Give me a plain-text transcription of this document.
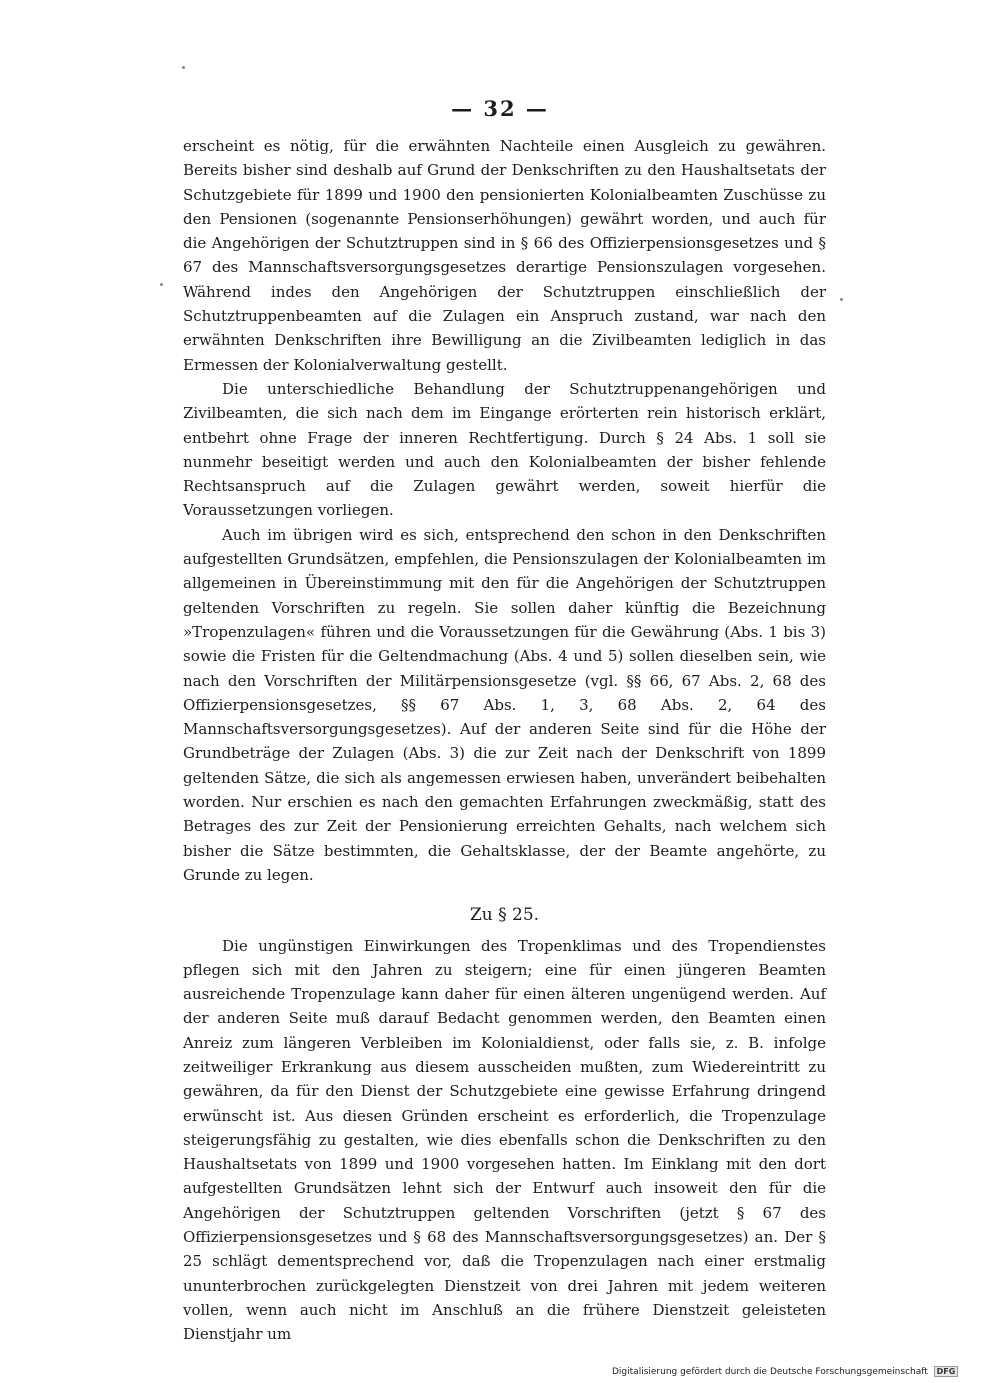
— 32 —

erscheint es nötig, für die erwähnten Nachteile einen Ausgleich zu gewähren. Bereits bisher sind deshalb auf Grund der Denkschriften zu den Haushaltsetats der Schutzgebiete für 1899 und 1900 den pensionierten Kolonialbeamten Zuschüsse zu den Pensionen (sogenannte Pensionserhöhungen) gewährt worden, und auch für die Angehörigen der Schutztruppen sind in § 66 des Offizierpensionsgesetzes und § 67 des Mannschaftsversorgungsgesetzes derartige Pensionszulagen vorgesehen. Während indes den Angehörigen der Schutztruppen einschließlich der Schutztruppenbeamten auf die Zulagen ein Anspruch zustand, war nach den erwähnten Denkschriften ihre Bewilligung an die Zivilbeamten lediglich in das Ermessen der Kolonialverwaltung gestellt.

Die unterschiedliche Behandlung der Schutztruppenangehörigen und Zivilbeamten, die sich nach dem im Eingange erörterten rein historisch erklärt, entbehrt ohne Frage der inneren Rechtfertigung. Durch § 24 Abs. 1 soll sie nunmehr beseitigt werden und auch den Kolonialbeamten der bisher fehlende Rechtsanspruch auf die Zulagen gewährt werden, soweit hierfür die Voraussetzungen vorliegen.

Auch im übrigen wird es sich, entsprechend den schon in den Denkschriften aufgestellten Grundsätzen, empfehlen, die Pensionszulagen der Kolonialbeamten im allgemeinen in Übereinstimmung mit den für die Angehörigen der Schutztruppen geltenden Vorschriften zu regeln. Sie sollen daher künftig die Bezeichnung »Tropenzulagen« führen und die Voraussetzungen für die Gewährung (Abs. 1 bis 3) sowie die Fristen für die Geltendmachung (Abs. 4 und 5) sollen dieselben sein, wie nach den Vorschriften der Militärpensionsgesetze (vgl. §§ 66, 67 Abs. 2, 68 des Offizierpensionsgesetzes, §§ 67 Abs. 1, 3, 68 Abs. 2, 64 des Mannschaftsversorgungsgesetzes). Auf der anderen Seite sind für die Höhe der Grundbeträge der Zulagen (Abs. 3) die zur Zeit nach der Denkschrift von 1899 geltenden Sätze, die sich als angemessen erwiesen haben, unverändert beibehalten worden. Nur erschien es nach den gemachten Erfahrungen zweckmäßig, statt des Betrages des zur Zeit der Pensionierung erreichten Gehalts, nach welchem sich bisher die Sätze bestimmten, die Gehaltsklasse, der der Beamte angehörte, zu Grunde zu legen.

Zu § 25.

Die ungünstigen Einwirkungen des Tropenklimas und des Tropendienstes pflegen sich mit den Jahren zu steigern; eine für einen jüngeren Beamten ausreichende Tropenzulage kann daher für einen älteren ungenügend werden. Auf der anderen Seite muß darauf Bedacht genommen werden, den Beamten einen Anreiz zum längeren Verbleiben im Kolonialdienst, oder falls sie, z. B. infolge zeitweiliger Erkrankung aus diesem ausscheiden mußten, zum Wiedereintritt zu gewähren, da für den Dienst der Schutzgebiete eine gewisse Erfahrung dringend erwünscht ist. Aus diesen Gründen erscheint es erforderlich, die Tropenzulage steigerungsfähig zu gestalten, wie dies ebenfalls schon die Denkschriften zu den Haushaltsetats von 1899 und 1900 vorgesehen hatten. Im Einklang mit den dort aufgestellten Grundsätzen lehnt sich der Entwurf auch insoweit den für die Angehörigen der Schutztruppen geltenden Vorschriften (jetzt § 67 des Offizierpensionsgesetzes und § 68 des Mannschaftsversorgungsgesetzes) an. Der § 25 schlägt dementsprechend vor, daß die Tropenzulagen nach einer erstmalig ununterbrochen zurückgelegten Dienstzeit von drei Jahren mit jedem weiteren vollen, wenn auch nicht im Anschluß an die frühere Dienstzeit geleisteten Dienstjahr um

Digitalisierung gefördert durch die Deutsche Forschungsgemeinschaft DFG
